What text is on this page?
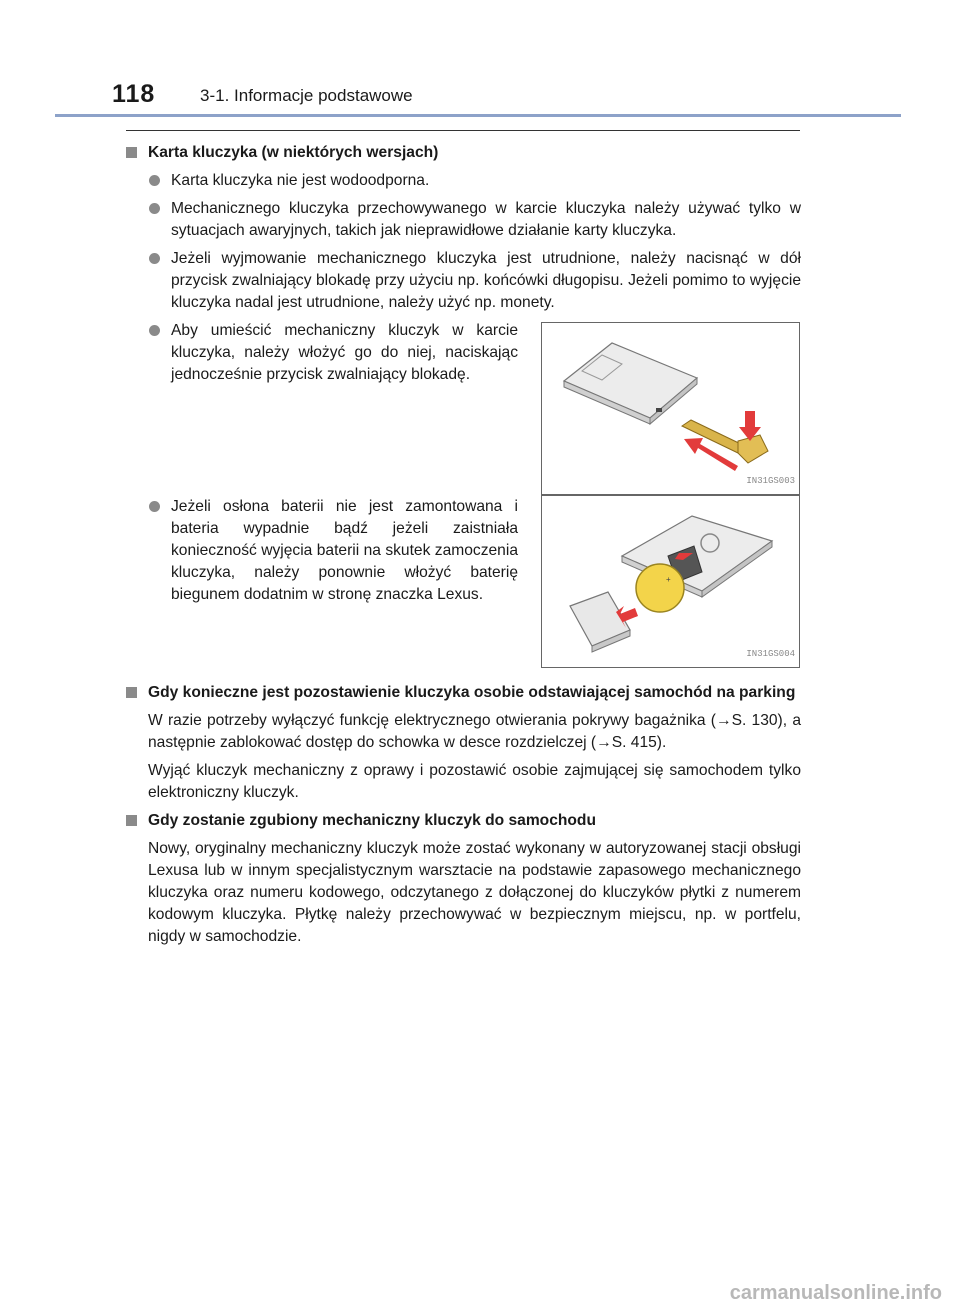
118	3-1. Informacje podstawowe

Karta kluczyka (w niektórych wersjach)

Karta kluczyka nie jest wodoodporna.

Mechanicznego kluczyka przechowywanego w karcie kluczyka należy używać tylko w sytuacjach awaryjnych, takich jak nieprawidłowe działanie karty kluczyka.

Jeżeli wyjmowanie mechanicznego kluczyka jest utrudnione, należy nacisnąć w dół przycisk zwalniający blokadę przy użyciu np. końcówki długopisu. Jeżeli pomimo to wyjęcie kluczyka nadal jest utrudnione, należy użyć np. monety.

Aby umieścić mechaniczny kluczyk w karcie kluczyka, należy włożyć go do niej, naciskając jednocześnie przycisk zwalniający blokadę.

IN31GS003

Jeżeli osłona baterii nie jest zamontowana i bateria wypadnie bądź jeżeli zaistniała konieczność wyjęcia baterii na skutek zamoczenia kluczyka, należy ponownie włożyć baterię biegunem dodatnim w stronę znaczka Lexus.

+
IN31GS004

Gdy konieczne jest pozostawienie kluczyka osobie odstawiającej samochód na parking

W razie potrzeby wyłączyć funkcję elektrycznego otwierania pokrywy bagażnika (→S. 130), a następnie zablokować dostęp do schowka w desce rozdzielczej (→S. 415).

Wyjąć kluczyk mechaniczny z oprawy i pozostawić osobie zajmującej się samochodem tylko elektroniczny kluczyk.

Gdy zostanie zgubiony mechaniczny kluczyk do samochodu

Nowy, oryginalny mechaniczny kluczyk może zostać wykonany w autoryzowanej stacji obsługi Lexusa lub w innym specjalistycznym warsztacie na podstawie zapasowego mechanicznego kluczyka oraz numeru kodowego, odczytanego z dołączonej do kluczyków płytki z numerem kodowym kluczyka. Płytkę należy przechowywać w bezpiecznym miejscu, np. w portfelu, nigdy w samochodzie.

carmanualsonline.info
